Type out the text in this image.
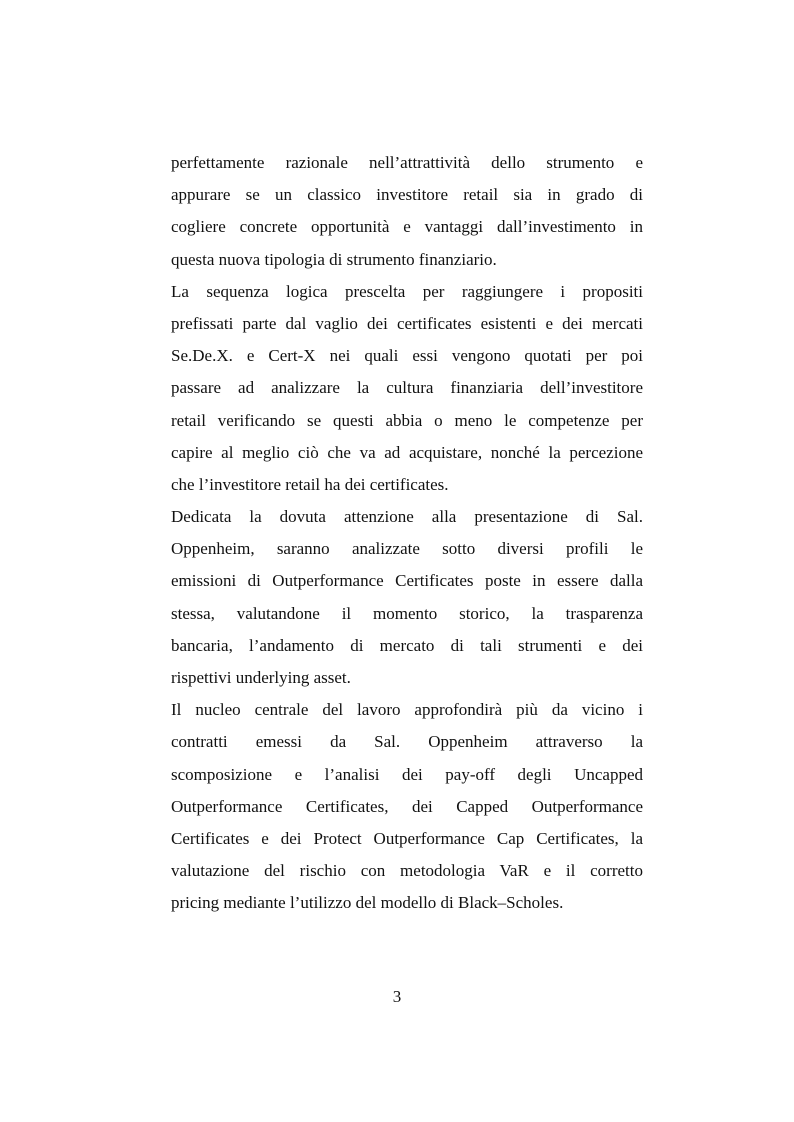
perfettamente razionale nell’attrattività dello strumento e
appurare se un classico investitore retail sia in grado di
cogliere concrete opportunità e vantaggi dall’investimento in
questa nuova tipologia di strumento finanziario.
La sequenza logica prescelta per raggiungere i propositi
prefissati parte dal vaglio dei certificates esistenti e dei mercati
Se.De.X. e Cert-X nei quali essi vengono quotati per poi
passare ad analizzare la cultura finanziaria dell’investitore
retail verificando se questi abbia o meno le competenze per
capire al meglio ciò che va ad acquistare, nonché la percezione
che l’investitore retail ha dei certificates.
Dedicata la dovuta attenzione alla presentazione di Sal.
Oppenheim, saranno analizzate sotto diversi profili le
emissioni di Outperformance Certificates poste in essere dalla
stessa, valutandone il momento storico, la trasparenza
bancaria, l’andamento di mercato di tali strumenti e dei
rispettivi underlying asset.
Il nucleo centrale del lavoro approfondirà più da vicino i
contratti emessi da Sal. Oppenheim attraverso la
scomposizione e l’analisi dei pay-off degli Uncapped
Outperformance Certificates, dei Capped Outperformance
Certificates e dei Protect Outperformance Cap Certificates, la
valutazione del rischio con metodologia VaR e il corretto
pricing mediante l’utilizzo del modello di Black–Scholes.
3
